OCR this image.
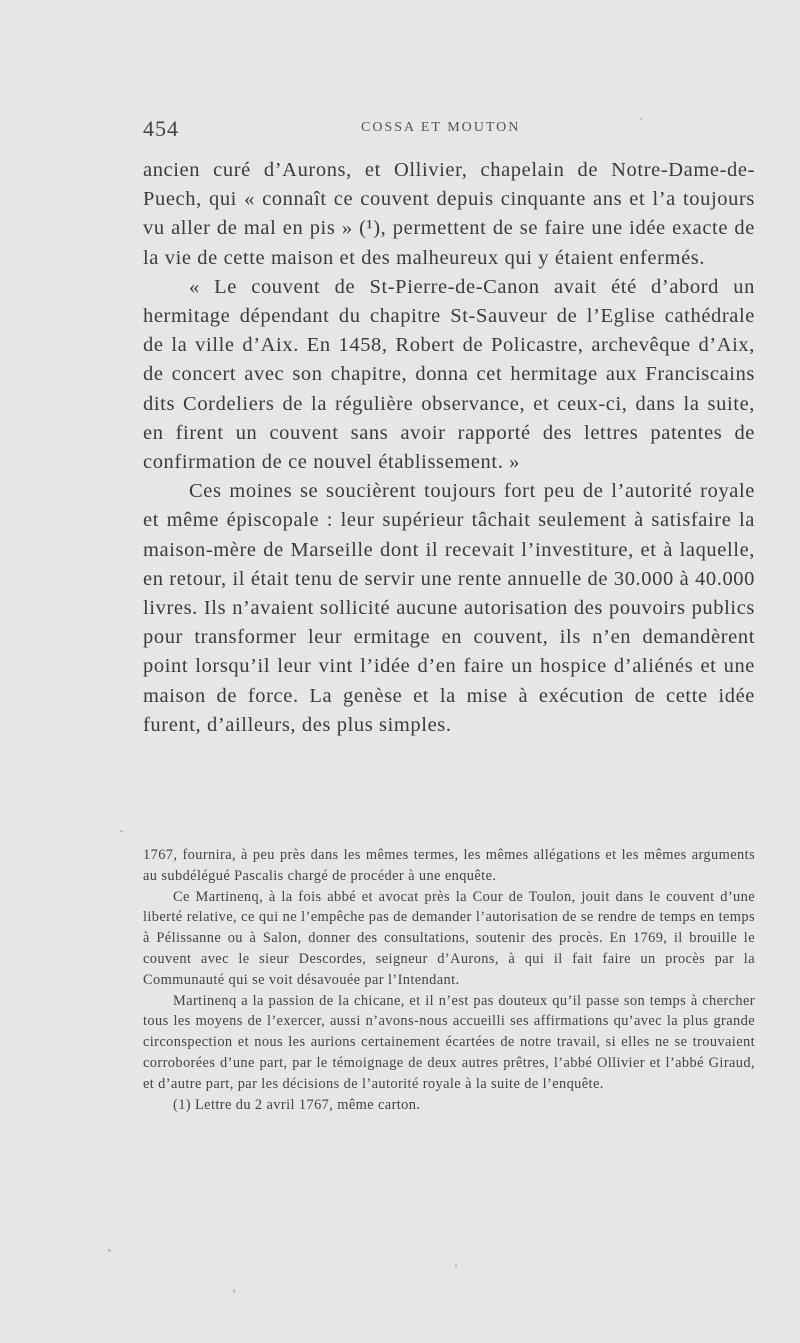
454	COSSA ET MOUTON

ancien curé d’Aurons, et Ollivier, chapelain de Notre-Dame-de-Puech, qui « connaît ce couvent depuis cinquante ans et l’a toujours vu aller de mal en pis » (¹), permettent de se faire une idée exacte de la vie de cette maison et des malheureux qui y étaient enfermés.

« Le couvent de St-Pierre-de-Canon avait été d’abord un hermitage dépendant du chapitre St-Sauveur de l’Eglise cathédrale de la ville d’Aix. En 1458, Robert de Policastre, archevêque d’Aix, de concert avec son chapitre, donna cet hermitage aux Franciscains dits Cordeliers de la régulière observance, et ceux-ci, dans la suite, en firent un couvent sans avoir rapporté des lettres patentes de confirmation de ce nouvel établissement. »

Ces moines se soucièrent toujours fort peu de l’autorité royale et même épiscopale : leur supérieur tâchait seulement à satisfaire la maison-mère de Marseille dont il recevait l’investiture, et à laquelle, en retour, il était tenu de servir une rente annuelle de 30.000 à 40.000 livres. Ils n’avaient sollicité aucune autorisation des pouvoirs publics pour transformer leur ermitage en couvent, ils n’en demandèrent point lorsqu’il leur vint l’idée d’en faire un hospice d’aliénés et une maison de force. La genèse et la mise à exécution de cette idée furent, d’ailleurs, des plus simples.

1767, fournira, à peu près dans les mêmes termes, les mêmes allégations et les mêmes arguments au subdélégué Pascalis chargé de procéder à une enquête.

Ce Martinenq, à la fois abbé et avocat près la Cour de Toulon, jouit dans le couvent d’une liberté relative, ce qui ne l’empêche pas de demander l’autorisation de se rendre de temps en temps à Pélissanne ou à Salon, donner des consultations, soutenir des procès. En 1769, il brouille le couvent avec le sieur Descordes, seigneur d’Aurons, à qui il fait faire un procès par la Communauté qui se voit désavouée par l’Intendant.

Martinenq a la passion de la chicane, et il n’est pas douteux qu’il passe son temps à chercher tous les moyens de l’exercer, aussi n’avons-nous accueilli ses affirmations qu’avec la plus grande circonspection et nous les aurions certainement écartées de notre travail, si elles ne se trouvaient corroborées d’une part, par le témoignage de deux autres prêtres, l’abbé Ollivier et l’abbé Giraud, et d’autre part, par les décisions de l’autorité royale à la suite de l’enquête.

(1) Lettre du 2 avril 1767, même carton.
